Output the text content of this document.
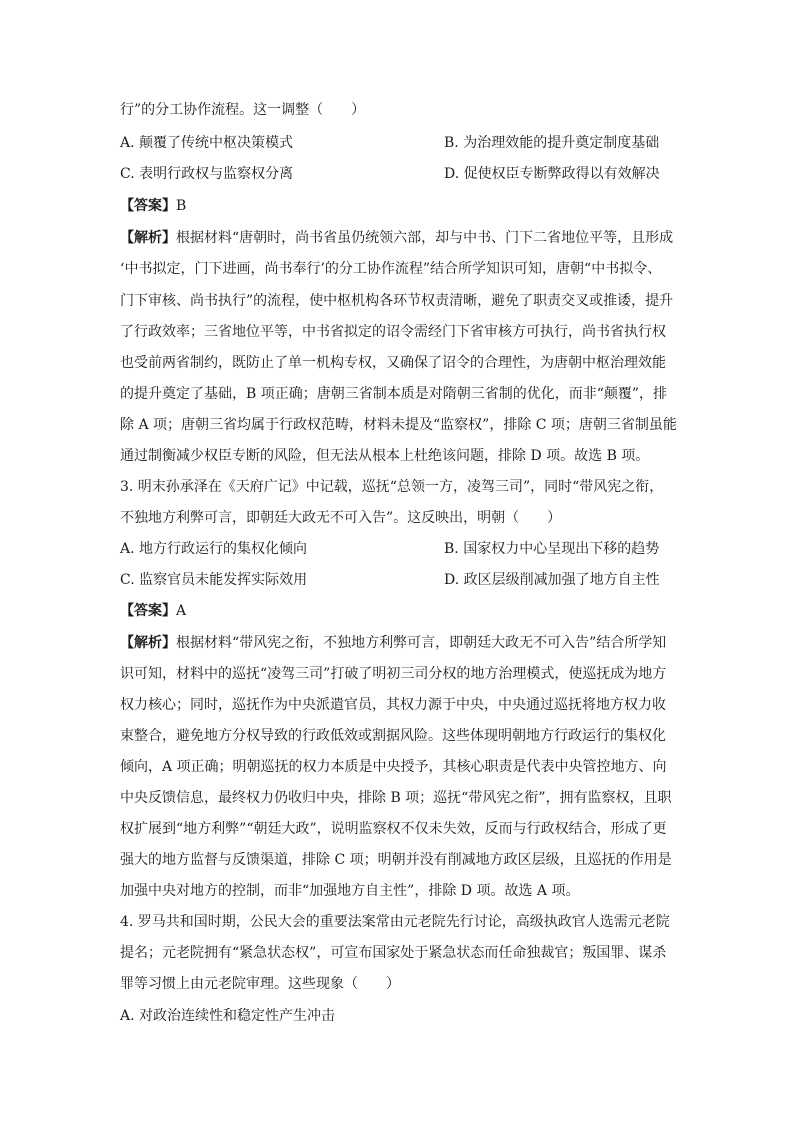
行”的分工协作流程。这一调整（　　）
A. 颠覆了传统中枢决策模式	B. 为治理效能的提升奠定制度基础
C. 表明行政权与监察权分离	D. 促使权臣专断弊政得以有效解决
【答案】B
【解析】根据材料“唐朝时，尚书省虽仍统领六部，却与中书、门下二省地位平等，且形成
‘中书拟定，门下进画，尚书奉行’的分工协作流程”结合所学知识可知，唐朝“中书拟令、
门下审核、尚书执行”的流程，使中枢机构各环节权责清晰，避免了职责交叉或推诿，提升
了行政效率；三省地位平等，中书省拟定的诏令需经门下省审核方可执行，尚书省执行权
也受前两省制约，既防止了单一机构专权，又确保了诏令的合理性，为唐朝中枢治理效能
的提升奠定了基础，B 项正确；唐朝三省制本质是对隋朝三省制的优化，而非“颠覆”，排
除 A 项；唐朝三省均属于行政权范畴，材料未提及“监察权”，排除 C 项；唐朝三省制虽能
通过制衡减少权臣专断的风险，但无法从根本上杜绝该问题，排除 D 项。故选 B 项。
3. 明末孙承泽在《天府广记》中记载，巡抚“总领一方，凌驾三司”，同时“带风宪之衔，
不独地方利弊可言，即朝廷大政无不可入告”。这反映出，明朝（　　）
A. 地方行政运行的集权化倾向	B. 国家权力中心呈现出下移的趋势
C. 监察官员未能发挥实际效用	D. 政区层级削减加强了地方自主性
【答案】A
【解析】根据材料“带风宪之衔，不独地方利弊可言，即朝廷大政无不可入告”结合所学知
识可知，材料中的巡抚“凌驾三司”打破了明初三司分权的地方治理模式，使巡抚成为地方
权力核心；同时，巡抚作为中央派遣官员，其权力源于中央，中央通过巡抚将地方权力收
束整合，避免地方分权导致的行政低效或割据风险。这些体现明朝地方行政运行的集权化
倾向，A 项正确；明朝巡抚的权力本质是中央授予，其核心职责是代表中央管控地方、向
中央反馈信息，最终权力仍收归中央，排除 B 项；巡抚“带风宪之衔”，拥有监察权，且职
权扩展到“地方利弊”“朝廷大政”，说明监察权不仅未失效，反而与行政权结合，形成了更
强大的地方监督与反馈渠道，排除 C 项；明朝并没有削减地方政区层级，且巡抚的作用是
加强中央对地方的控制，而非“加强地方自主性”，排除 D 项。故选 A 项。
4. 罗马共和国时期，公民大会的重要法案常由元老院先行讨论，高级执政官人选需元老院
提名；元老院拥有“紧急状态权”，可宣布国家处于紧急状态而任命独裁官；叛国罪、谋杀
罪等习惯上由元老院审理。这些现象（　　）
A. 对政治连续性和稳定性产生冲击
